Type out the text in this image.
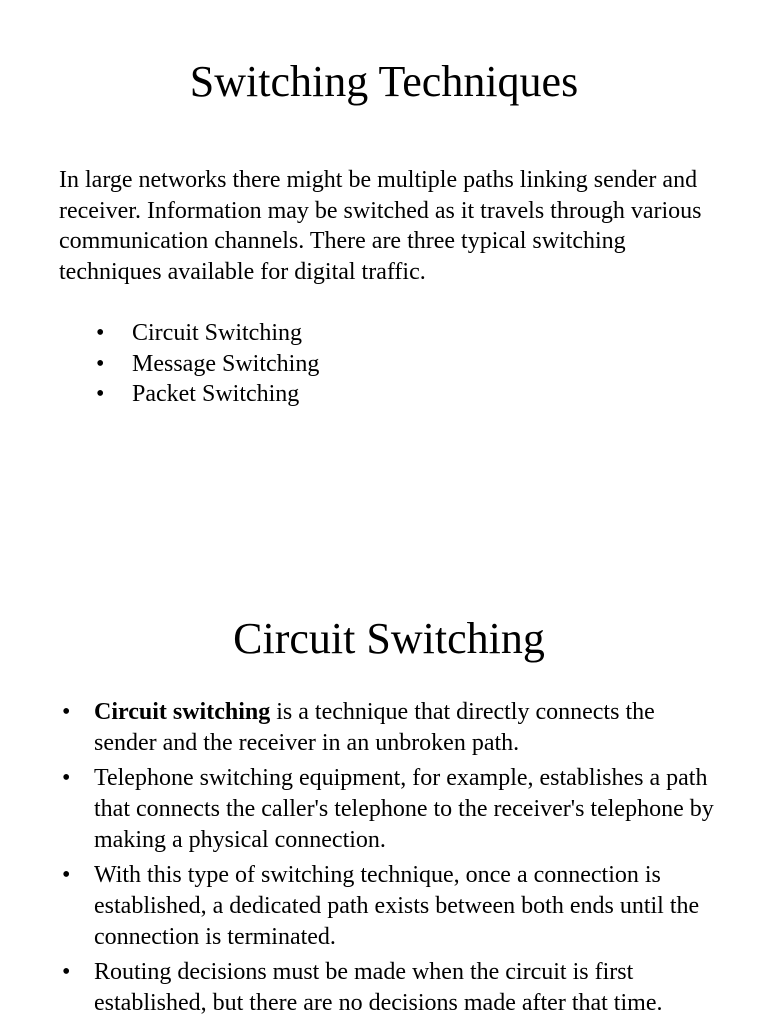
Switching Techniques

In large networks there might be multiple paths linking sender and receiver. Information may be switched as it travels through various communication channels. There are three typical switching techniques available for digital traffic.

•	Circuit Switching
•	Message Switching
•	Packet Switching
Circuit Switching
• Circuit switching is a technique that directly connects the sender and the receiver in an unbroken path.
• Telephone switching equipment, for example, establishes a path that connects the caller's telephone to the receiver's telephone by making a physical connection.
• With this type of switching technique, once a connection is established, a dedicated path exists between both ends until the connection is terminated.
• Routing decisions must be made when the circuit is first established, but there are no decisions made after that time.
